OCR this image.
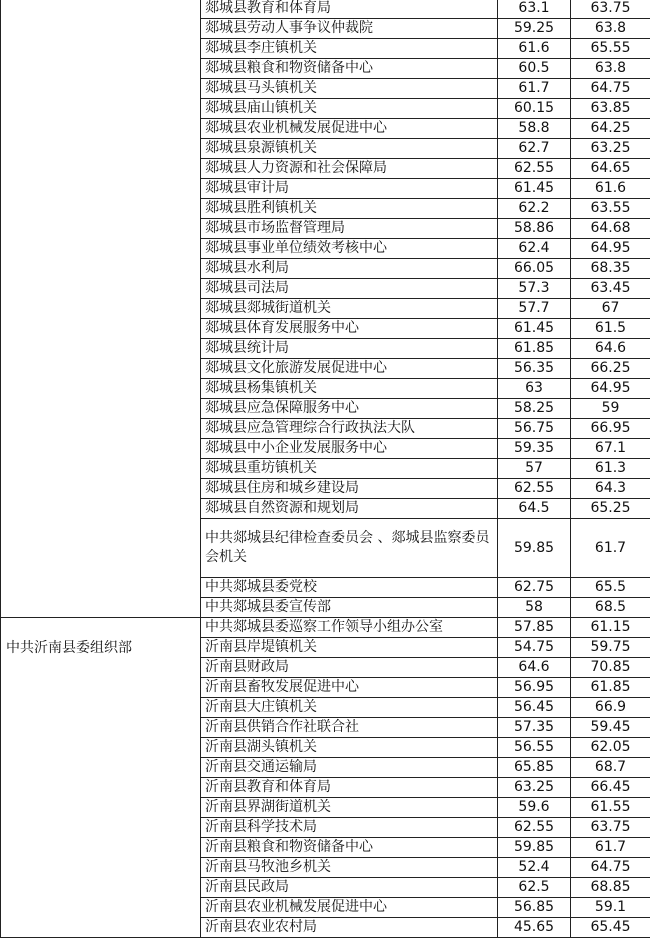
	郯城县教育和体育局	63.1	63.75
	郯城县劳动人事争议仲裁院	59.25	63.8
	郯城县李庄镇机关	61.6	65.55
	郯城县粮食和物资储备中心	60.5	63.8
	郯城县马头镇机关	61.7	64.75
	郯城县庙山镇机关	60.15	63.85
	郯城县农业机械发展促进中心	58.8	64.25
	郯城县泉源镇机关	62.7	63.25
	郯城县人力资源和社会保障局	62.55	64.65
	郯城县审计局	61.45	61.6
	郯城县胜利镇机关	62.2	63.55
	郯城县市场监督管理局	58.86	64.68
	郯城县事业单位绩效考核中心	62.4	64.95
	郯城县水利局	66.05	68.35
	郯城县司法局	57.3	63.45
	郯城县郯城街道机关	57.7	67
	郯城县体育发展服务中心	61.45	61.5
	郯城县统计局	61.85	64.6
	郯城县文化旅游发展促进中心	56.35	66.25
	郯城县杨集镇机关	63	64.95
	郯城县应急保障服务中心	58.25	59
	郯城县应急管理综合行政执法大队	56.75	66.95
	郯城县中小企业发展服务中心	59.35	67.1
	郯城县重坊镇机关	57	61.3
	郯城县住房和城乡建设局	62.55	64.3
	郯城县自然资源和规划局	64.5	65.25
	中共郯城县纪律检查委员会 、郯城县监察委员会机关	59.85	61.7
	中共郯城县委党校	62.75	65.5
	中共郯城县委宣传部	58	68.5
中共沂南县委组织部	中共郯城县委巡察工作领导小组办公室	57.85	61.15
	沂南县岸堤镇机关	54.75	59.75
	沂南县财政局	64.6	70.85
	沂南县畜牧发展促进中心	56.95	61.85
	沂南县大庄镇机关	56.45	66.9
	沂南县供销合作社联合社	57.35	59.45
	沂南县湖头镇机关	56.55	62.05
	沂南县交通运输局	65.85	68.7
	沂南县教育和体育局	63.25	66.45
	沂南县界湖街道机关	59.6	61.55
	沂南县科学技术局	62.55	63.75
	沂南县粮食和物资储备中心	59.85	61.7
	沂南县马牧池乡机关	52.4	64.75
	沂南县民政局	62.5	68.85
	沂南县农业机械发展促进中心	56.85	59.1
	沂南县农业农村局	45.65	65.45
